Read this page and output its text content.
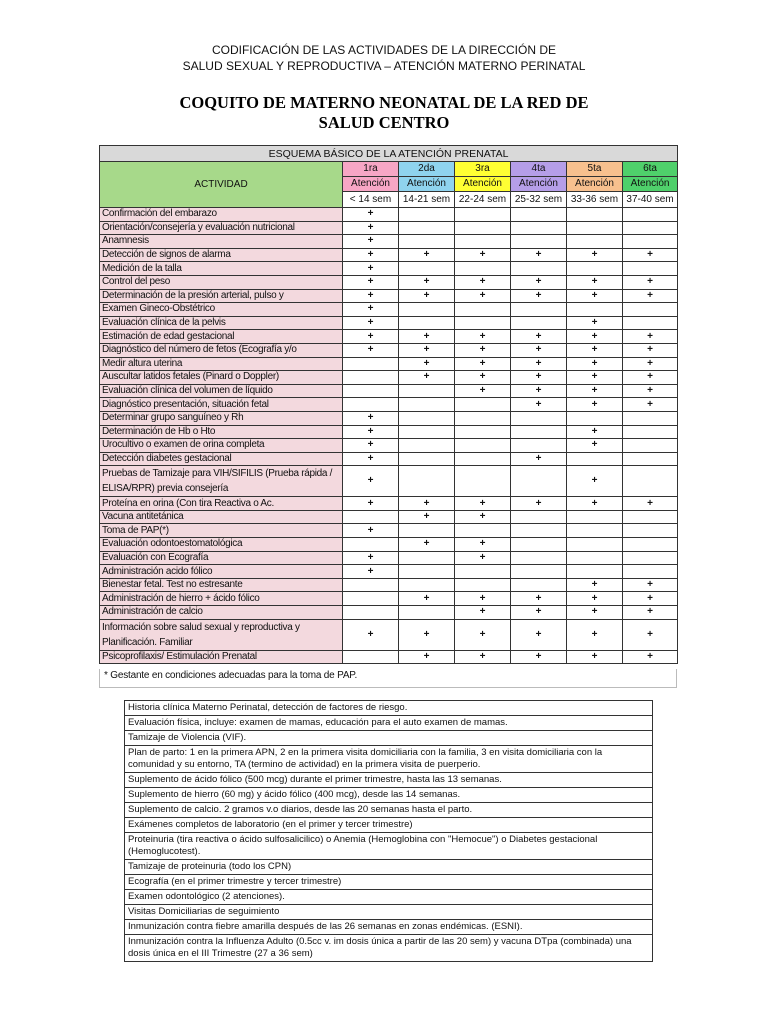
CODIFICACIÓN DE LAS ACTIVIDADES DE LA DIRECCIÓN DE
SALUD SEXUAL Y REPRODUCTIVA – ATENCIÓN MATERNO PERINATAL
COQUITO DE MATERNO NEONATAL DE LA RED DE
SALUD CENTRO
ESQUEMA BÁSICO DE LA ATENCIÓN PRENATAL						
ACTIVIDAD	1ra	2da	3ra	4ta	5ta	6ta
	Atención	Atención	Atención	Atención	Atención	Atención
	< 14 sem	14-21 sem	22-24 sem	25-32 sem	33-36 sem	37-40 sem
Confirmación del embarazo	+					
Orientación/consejería y evaluación nutricional	+					
Anamnesis	+					
Detección de signos de alarma	+	+	+	+	+	+
Medición de la talla	+					
Control del peso	+	+	+	+	+	+
Determinación de la presión arterial, pulso y	+	+	+	+	+	+
Examen Gineco-Obstétrico	+					
Evaluación clínica de la pelvis	+				+	
Estimación de edad gestacional	+	+	+	+	+	+
Diagnóstico del número de fetos (Ecografía y/o	+	+	+	+	+	+
Medir altura uterina		+	+	+	+	+
Auscultar latidos fetales (Pinard o Doppler)		+	+	+	+	+
Evaluación clínica del volumen de líquido			+	+	+	+
Diagnóstico presentación, situación fetal				+	+	+
Determinar grupo sanguíneo y Rh	+					
Determinación de Hb o Hto	+				+	
Urocultivo o examen de orina completa	+				+	
Detección diabetes gestacional	+			+		
Pruebas de Tamizaje para VIH/SIFILIS (Prueba rápida / ELISA/RPR) previa consejería	+				+	
Proteína en orina (Con tira Reactiva o Ac.	+	+	+	+	+	+
Vacuna antitetánica		+	+			
Toma de PAP(*)	+					
Evaluación odontoestomatológica		+	+			
Evaluación con Ecografía	+		+			
Administración acido fólico	+					
Bienestar fetal. Test no estresante					+	+
Administración de hierro + ácido fólico		+	+	+	+	+
Administración de calcio			+	+	+	+
Información sobre salud sexual y reproductiva y Planificación. Familiar	+	+	+	+	+	+
Psicoprofilaxis/ Estimulación Prenatal		+	+	+	+	+
* Gestante en condiciones adecuadas para la toma de PAP.
Historia clínica Materno Perinatal, detección de factores de riesgo.
Evaluación física, incluye: examen de mamas, educación para el auto examen de mamas.
Tamizaje de Violencia (VIF).
Plan de parto: 1 en la primera APN, 2 en la primera visita domiciliaria con la familia, 3 en visita domiciliaria con la comunidad y su entorno, TA (termino de actividad) en la primera visita de puerperio.
Suplemento de ácido fólico (500 mcg) durante el primer trimestre, hasta las 13 semanas.
Suplemento de hierro (60 mg) y ácido fólico (400 mcg), desde las 14 semanas.
Suplemento de calcio. 2 gramos v.o diarios, desde las 20 semanas hasta el parto.
Exámenes completos de laboratorio (en el primer y tercer trimestre)
Proteinuria (tira reactiva o ácido sulfosalicilico) o Anemia (Hemoglobina con "Hemocue") o Diabetes gestacional (Hemoglucotest).
Tamizaje de proteinuria (todo los CPN)
Ecografía (en el primer trimestre y tercer trimestre)
Examen odontológico (2 atenciones).
Visitas Domiciliarias de seguimiento
Inmunización contra fiebre amarilla después de las 26 semanas en zonas endémicas. (ESNI).
Inmunización contra la Influenza Adulto (0.5cc v. im dosis única a partir de las 20 sem) y vacuna DTpa (combinada) una dosis única en el III Trimestre (27 a 36 sem)
